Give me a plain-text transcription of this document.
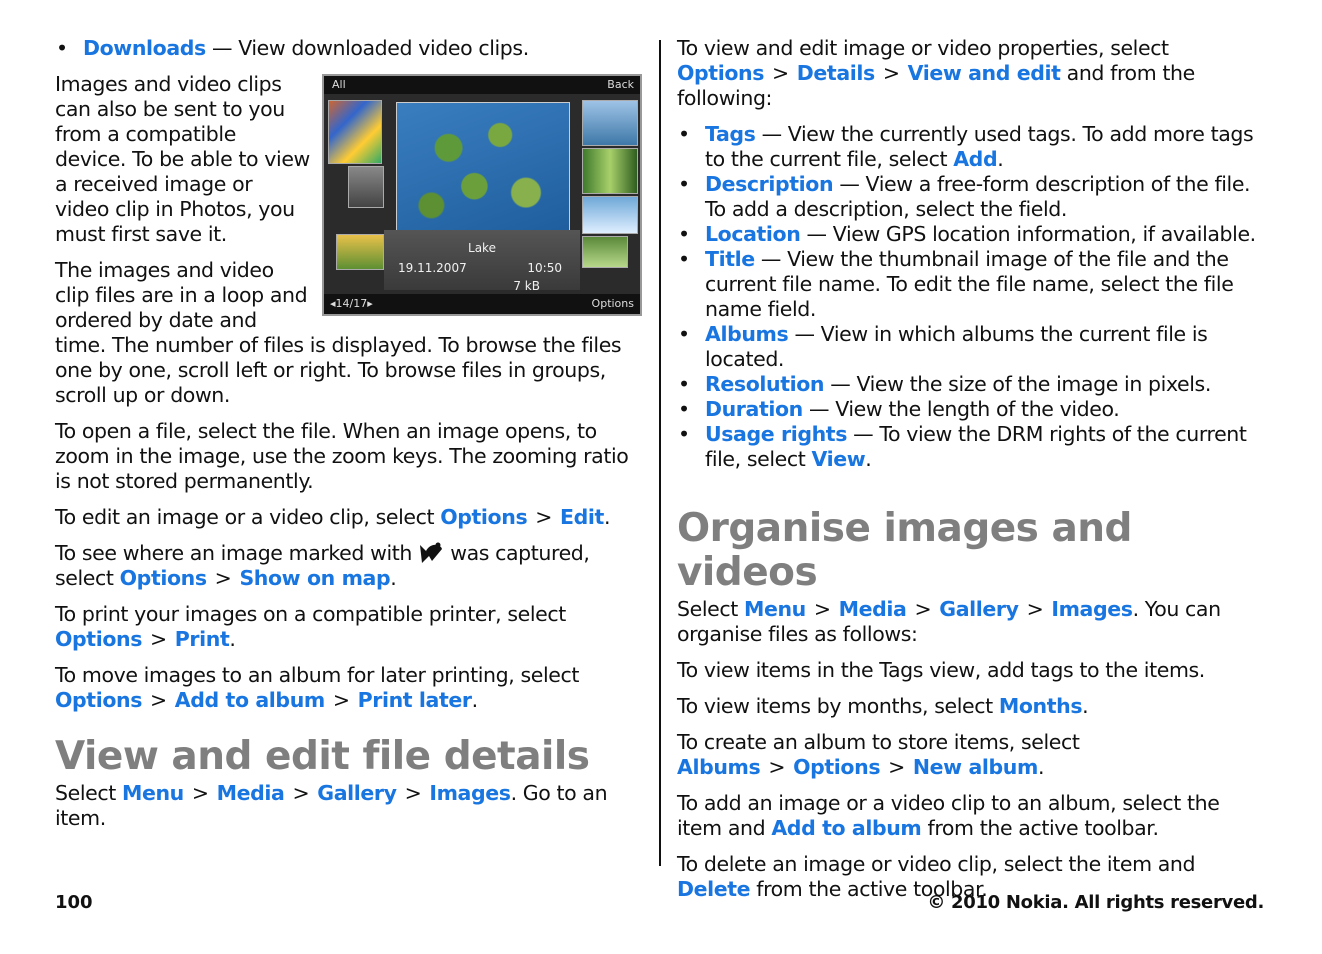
• Downloads — View downloaded video clips.
All	Back
Lake
19.11.2007	10:50
7 kB
◂14/17▸	Options

Images and video clips can also be sent to you from a compatible device. To be able to view a received image or video clip in Photos, you must first save it.

The images and video clip files are in a loop and ordered by date and time. The number of files is displayed. To browse the files one by one, scroll left or right. To browse files in groups, scroll up or down.

To open a file, select the file. When an image opens, to zoom in the image, use the zoom keys. The zooming ratio is not stored permanently.

To edit an image or a video clip, select Options > Edit.

To see where an image marked with  was captured, select Options > Show on map.

To print your images on a compatible printer, select Options > Print.

To move images to an album for later printing, select Options > Add to album > Print later.

View and edit file details

Select Menu > Media > Gallery > Images. Go to an item.

To view and edit image or video properties, select Options > Details > View and edit and from the following:

• Tags — View the currently used tags. To add more tags to the current file, select Add.
• Description — View a free-form description of the file. To add a description, select the field.
• Location — View GPS location information, if available.
• Title — View the thumbnail image of the file and the current file name. To edit the file name, select the file name field.
• Albums — View in which albums the current file is located.
• Resolution — View the size of the image in pixels.
• Duration — View the length of the video.
• Usage rights — To view the DRM rights of the current file, select View.
Organise images and videos

Select Menu > Media > Gallery > Images. You can organise files as follows:

To view items in the Tags view, add tags to the items.

To view items by months, select Months.

To create an album to store items, select Albums > Options > New album.

To add an image or a video clip to an album, select the item and Add to album from the active toolbar.

To delete an image or video clip, select the item and Delete from the active toolbar.

100	© 2010 Nokia. All rights reserved.
